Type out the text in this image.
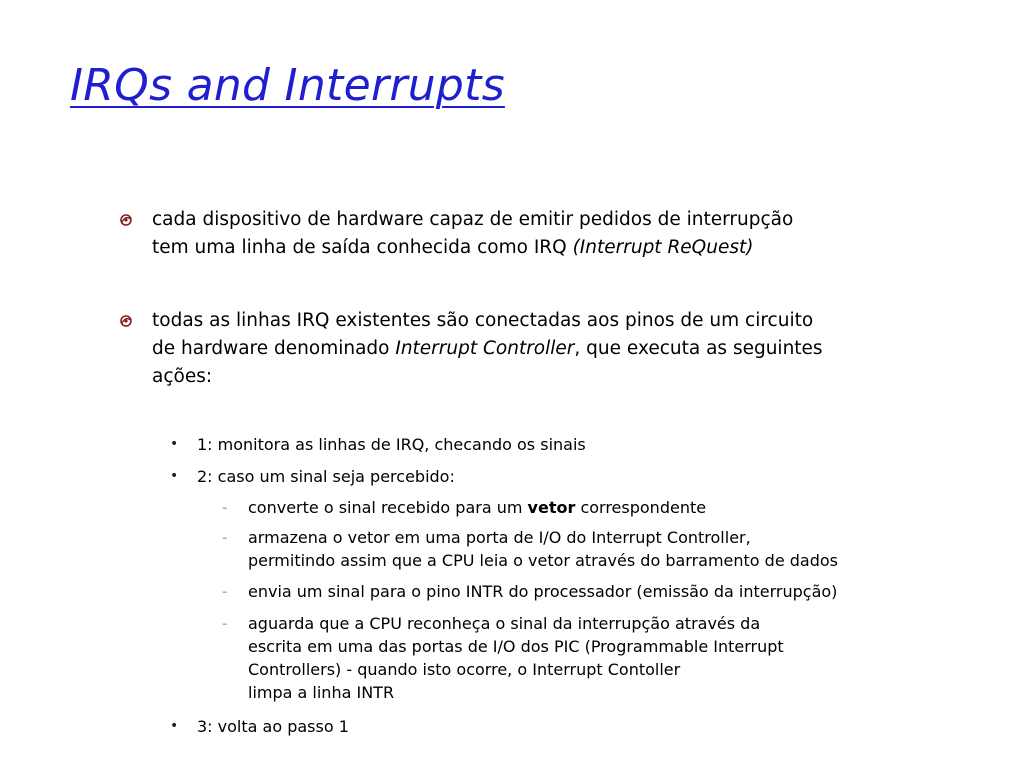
IRQs and Interrupts
cada dispositivo de hardware capaz de emitir pedidos de interrupção
tem uma linha de saída conhecida como IRQ (Interrupt ReQuest)
todas as linhas IRQ existentes são conectadas aos pinos de um circuito
de hardware denominado Interrupt Controller, que executa as seguintes
ações:
• 1: monitora as linhas de IRQ, checando os sinais
• 2: caso um sinal seja percebido:
– converte o sinal recebido para um vetor correspondente
– armazena o vetor em uma porta de I/O do Interrupt Controller,
permitindo assim que a CPU leia o vetor através do barramento de dados
– envia um sinal para o pino INTR do processador (emissão da interrupção)
– aguarda que a CPU reconheça o sinal da interrupção através da
escrita em uma das portas de I/O dos PIC (Programmable Interrupt
Controllers) - quando isto ocorre, o Interrupt Contoller
limpa a linha INTR
• 3: volta ao passo 1
